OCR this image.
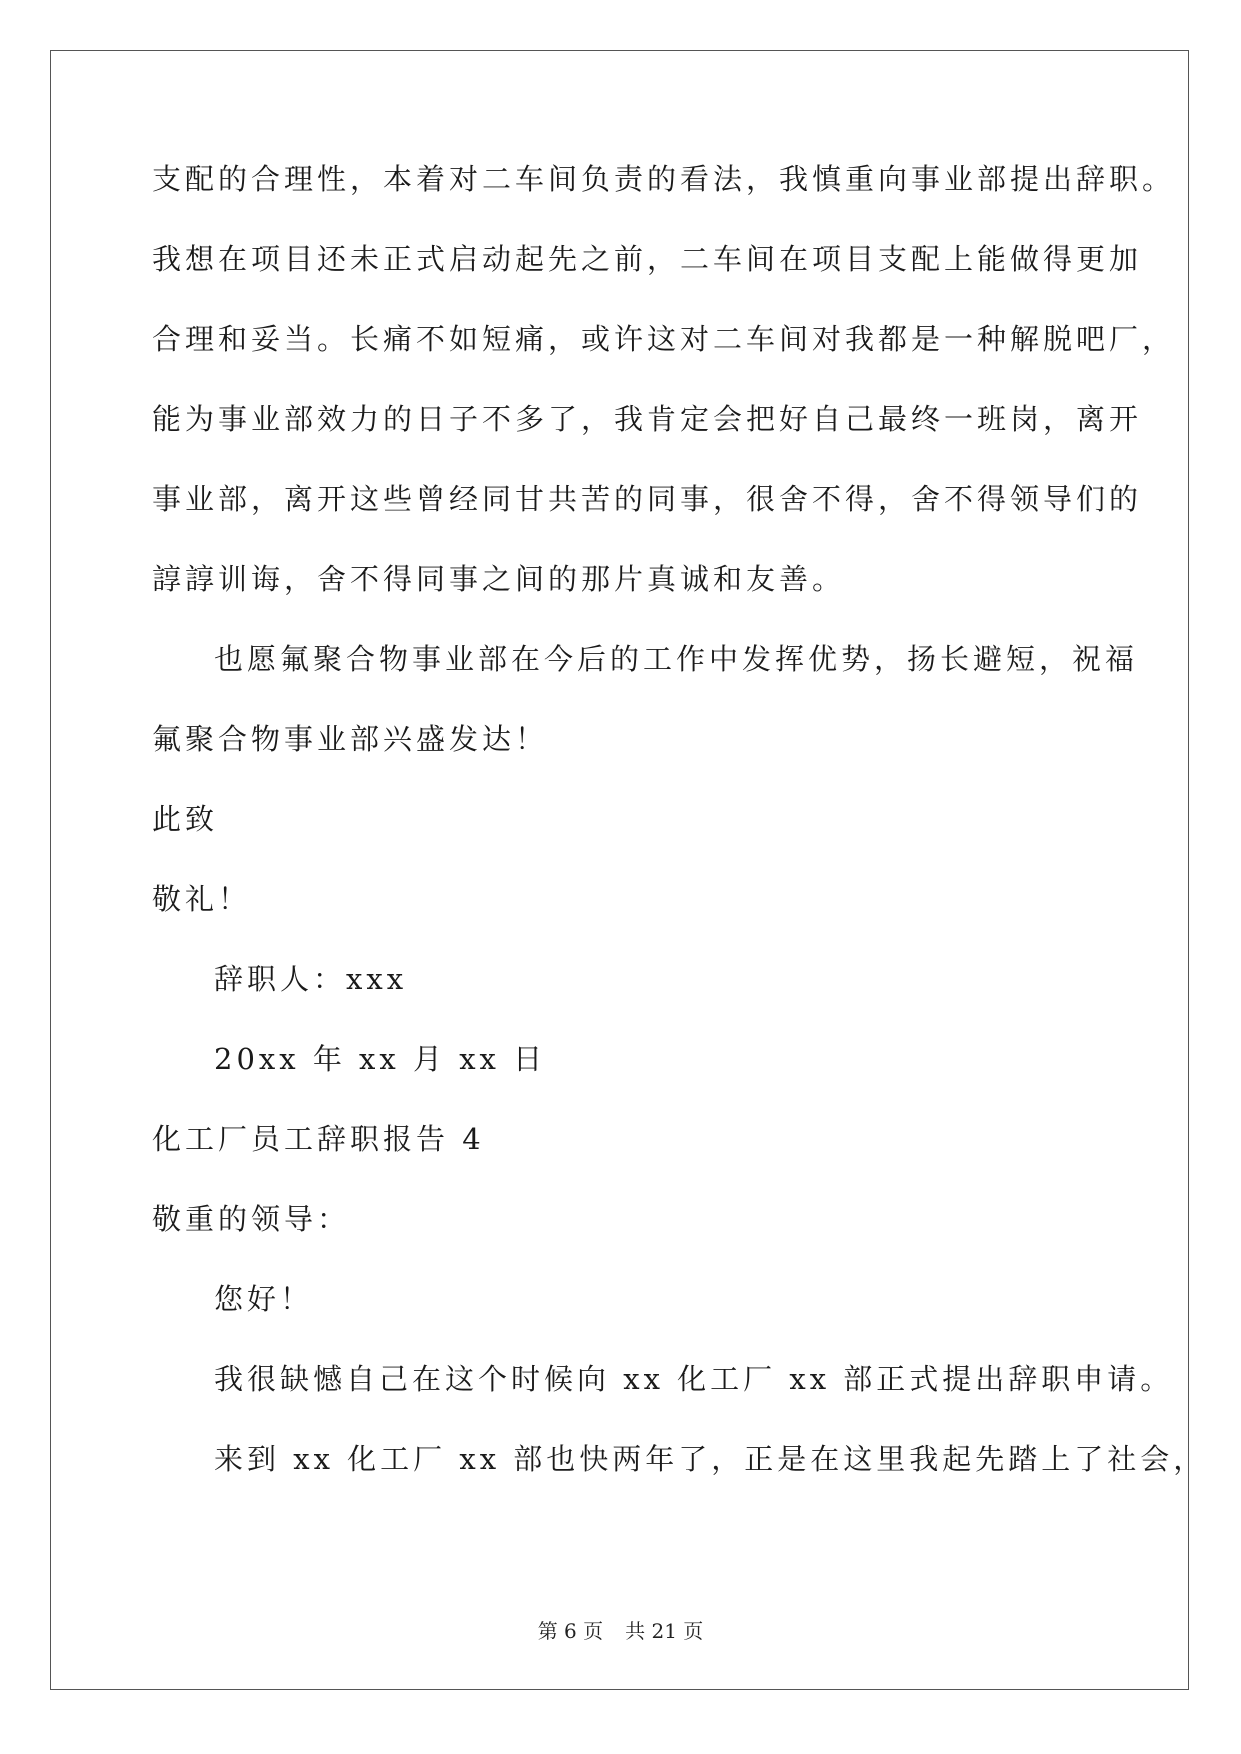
支配的合理性，本着对二车间负责的看法，我慎重向事业部提出辞职。

我想在项目还未正式启动起先之前，二车间在项目支配上能做得更加

合理和妥当。长痛不如短痛，或许这对二车间对我都是一种解脱吧厂，

能为事业部效力的日子不多了，我肯定会把好自己最终一班岗，离开

事业部，离开这些曾经同甘共苦的同事，很舍不得，舍不得领导们的

諄諄训诲，舍不得同事之间的那片真诚和友善。

也愿氟聚合物事业部在今后的工作中发挥优势，扬长避短，祝福

氟聚合物事业部兴盛发达！

此致

敬礼！

辞职人：xxx

20xx 年 xx 月 xx 日

化工厂员工辞职报告 4

敬重的领导：

您好！

我很缺憾自己在这个时候向 xx 化工厂 xx 部正式提出辞职申请。

来到 xx 化工厂 xx 部也快两年了，正是在这里我起先踏上了社会，

第 6 页 共 21 页
